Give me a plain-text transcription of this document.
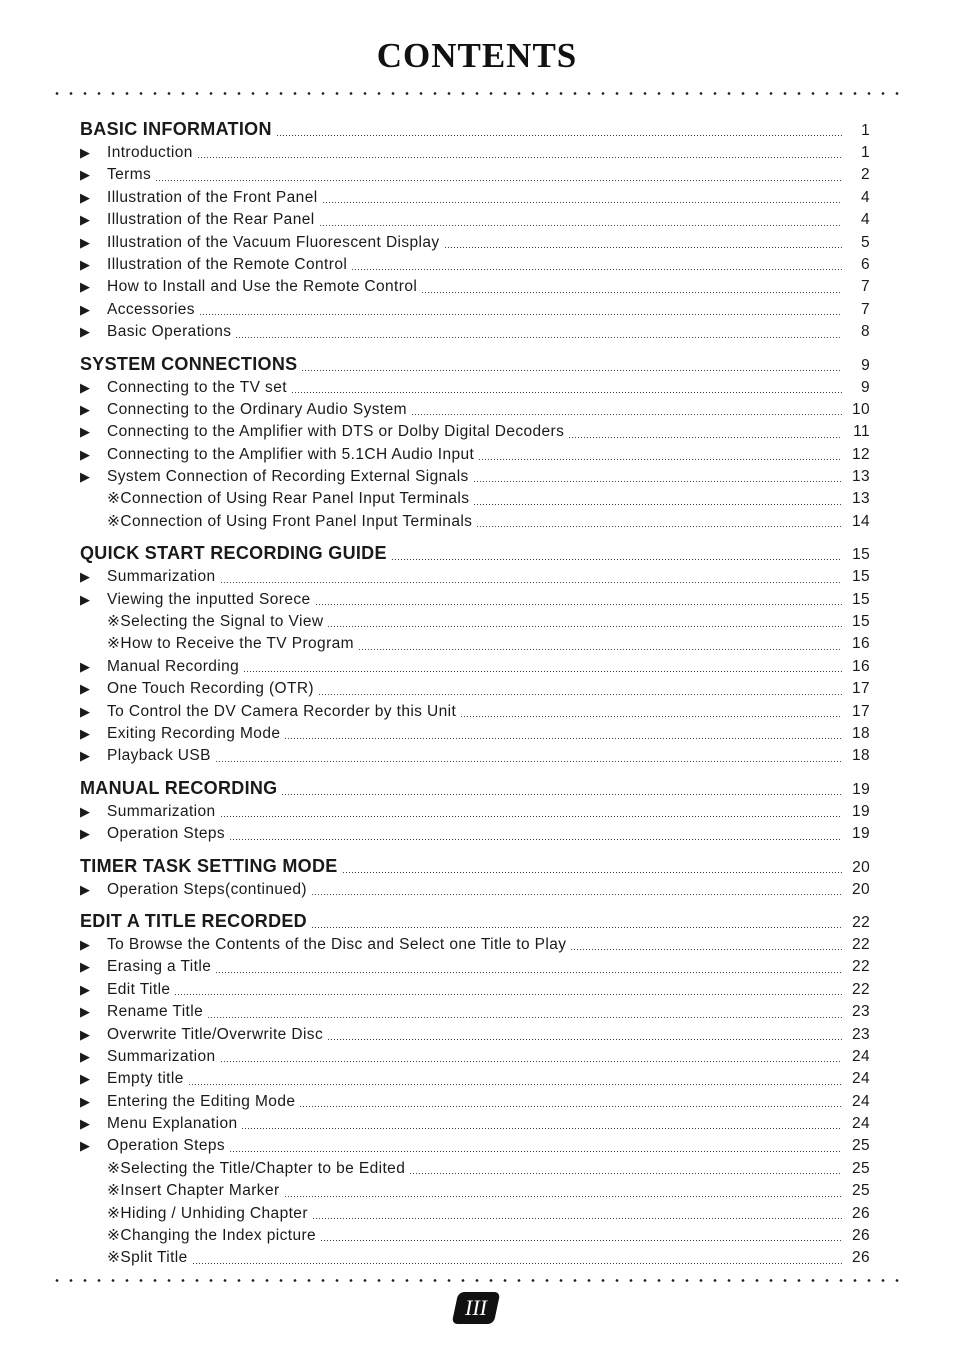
CONTENTS
BASIC INFORMATION	1
▶	Introduction	1
▶	Terms	2
▶	Illustration of the Front Panel	4
▶	Illustration of the Rear Panel	4
▶	Illustration of the Vacuum Fluorescent Display	5
▶	Illustration of the Remote Control	6
▶	How to Install and Use the Remote Control	7
▶	Accessories	7
▶	Basic Operations	8
SYSTEM CONNECTIONS	9
▶	Connecting to the TV set	9
▶	Connecting to the Ordinary Audio System	10
▶	Connecting to the Amplifier with DTS or Dolby Digital Decoders	11
▶	Connecting to the Amplifier with 5.1CH Audio Input	12
▶	System Connection of Recording External Signals	13
※Connection of Using Rear Panel Input Terminals	13
※Connection of Using Front Panel Input Terminals	14
QUICK START RECORDING GUIDE	15
▶	Summarization	15
▶	Viewing the inputted Sorece	15
※Selecting the Signal to View	15
※How to Receive the TV Program	16
▶	Manual Recording	16
▶	One Touch Recording (OTR)	17
▶	To Control the DV Camera Recorder by this Unit	17
▶	Exiting Recording Mode	18
▶	Playback USB	18
MANUAL RECORDING	19
▶	Summarization	19
▶	Operation Steps	19
TIMER TASK SETTING MODE	20
▶	Operation Steps(continued)	20
EDIT A TITLE RECORDED	22
▶	To Browse the Contents of the Disc and Select one Title to Play	22
▶	Erasing a Title	22
▶	Edit Title	22
▶	Rename Title	23
▶	Overwrite Title/Overwrite Disc	23
▶	Summarization	24
▶	Empty title	24
▶	Entering the Editing Mode	24
▶	Menu Explanation	24
▶	Operation Steps	25
※Selecting the Title/Chapter to be Edited	25
※Insert Chapter Marker	25
※Hiding / Unhiding Chapter	26
※Changing the Index picture	26
※Split Title	26
III
